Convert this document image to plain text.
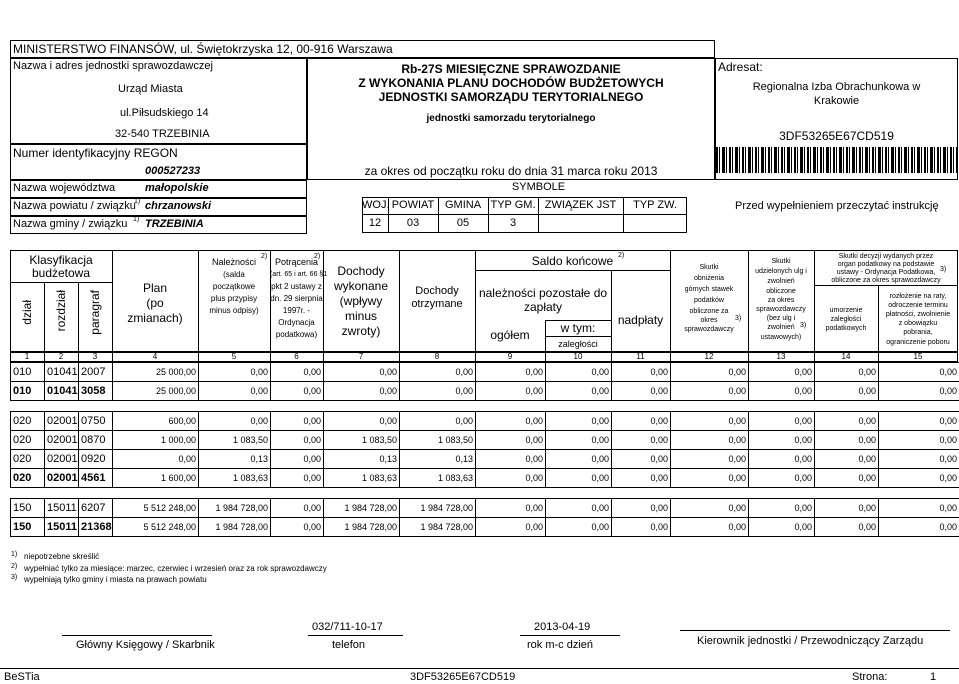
MINISTERSTWO FINANSÓW, ul. Świętokrzyska 12, 00-916 Warszawa
Nazwa i adres jednostki sprawozdawczej
Urząd Miasta
ul.Piłsudskiego 14
32-540 TRZEBINIA
Numer identyfikacyjny REGON
000527233
Nazwa województwa	małopolskie
Nazwa powiatu / związku
1) chrzanowski
Nazwa gminy / związku 1) TRZEBINIA
Rb-27S MIESIĘCZNE SPRAWOZDANIE
Z WYKONANIA PLANU DOCHODÓW BUDŻETOWYCH
JEDNOSTKI SAMORZĄDU TERYTORIALNEGO
jednostki samorzadu terytorialnego
za okres od początku roku do dnia 31 marca roku 2013
SYMBOLE
WOJ. POWIAT GMINA TYP GM. ZWIĄZEK JST	TYP ZW.
12	03	05	3
Adresat:
Regionalna Izba Obrachunkowa w
Krakowie
3DF53265E67CD519
Przed wypełnieniem przeczytać instrukcję
Klasyfikacja
budżetowa
dział rozdział paragraf
Plan
(po
zmianach)
Należności
2)
(salda
początkowe
plus przypisy
minus odpisy)
Potrącenia
2)
(art. 65 i art. 66 §1
pkt 2 ustawy z
dn. 29 sierpnia
1997r. -
Ordynacja
podatkowa)
Dochody
wykonane
(wpływy
minus
zwroty)
Dochody
otrzymane
Saldo końcowe 2)
należności pozostałe do
zapłaty
ogółem	w tym:
zaległości
nadpłaty
Skutki
obniżenia
górnych stawek
podatków
obliczone za
okres	3)
sprawozdawczy
Skutki
udzielonych ulg i
zwolnień
obliczone
za okres
sprawozdawczy
(bez ulg i
zwolnień 3)
ustawowych)
Skutki decyzji wydanych przez
organ podatkowy na podstawie
ustawy - Ordynacja Podatkowa, 3)
obliczone za okres sprawozdawczy
umorzenie
zaległości
podatkowych
rozłożenie na raty,
odroczenie terminu
płatności, zwolnienie
z obowiązku
pobrania,
ograniczenie poboru
1	2	3	4	5	6	7	8	9	10	11	12	13	14	15
010	01041	2007	25 000,00	0,00	0,00	0,00	0,00	0,00	0,00	0,00	0,00	0,00	0,00	0,00
010	01041	3058	25 000,00	0,00	0,00	0,00	0,00	0,00	0,00	0,00	0,00	0,00	0,00	0,00
020	02001	0750	600,00	0,00	0,00	0,00	0,00	0,00	0,00	0,00	0,00	0,00	0,00	0,00
020	02001	0870	1 000,00	1 083,50	0,00	1 083,50	1 083,50	0,00	0,00	0,00	0,00	0,00	0,00	0,00
020	02001	0920	0,00	0,13	0,00	0,13	0,13	0,00	0,00	0,00	0,00	0,00	0,00	0,00
020	02001	4561	1 600,00	1 083,63	0,00	1 083,63	1 083,63	0,00	0,00	0,00	0,00	0,00	0,00	0,00
150	15011	6207	5 512 248,00	1 984 728,00	0,00	1 984 728,00	1 984 728,00	0,00	0,00	0,00	0,00	0,00	0,00	0,00
150	15011	21368	5 512 248,00	1 984 728,00	0,00	1 984 728,00	1 984 728,00	0,00	0,00	0,00	0,00	0,00	0,00	0,00
1) niepotrzebne skreślić
2) wypełniać tylko za miesiące: marzec, czerwiec i wrzesień oraz za rok sprawozdawczy
3) wypełniają tylko gminy i miasta na prawach powiatu
Główny Księgowy / Skarbnik
032/711-10-17
telefon
2013-04-19
rok m-c dzień	Kierownik jednostki / Przewodniczący Zarządu
BeSTia	3DF53265E67CD519	Strona:	1
